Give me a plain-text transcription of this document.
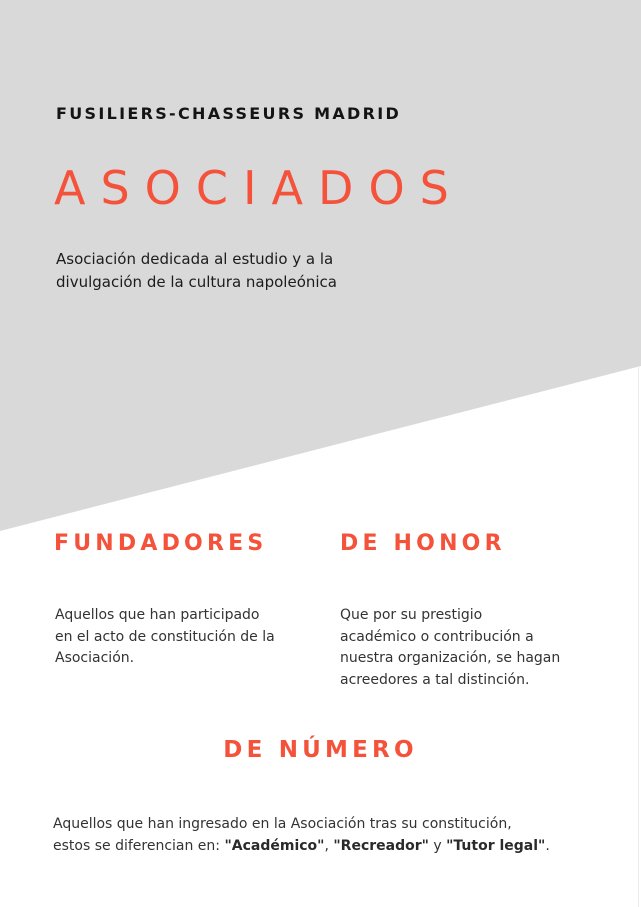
FUSILIERS-CHASSEURS MADRID
ASOCIADOS

Asociación dedicada al estudio y a la
divulgación de la cultura napoleónica

FUNDADORES	DE HONOR

Aquellos que han participado
en el acto de constitución de la
Asociación.

Que por su prestigio
académico o contribución a
nuestra organización, se hagan
acreedores a tal distinción.

DE NÚMERO

Aquellos que han ingresado en la Asociación tras su constitución,
estos se diferencian en: "Académico", "Recreador" y "Tutor legal".
